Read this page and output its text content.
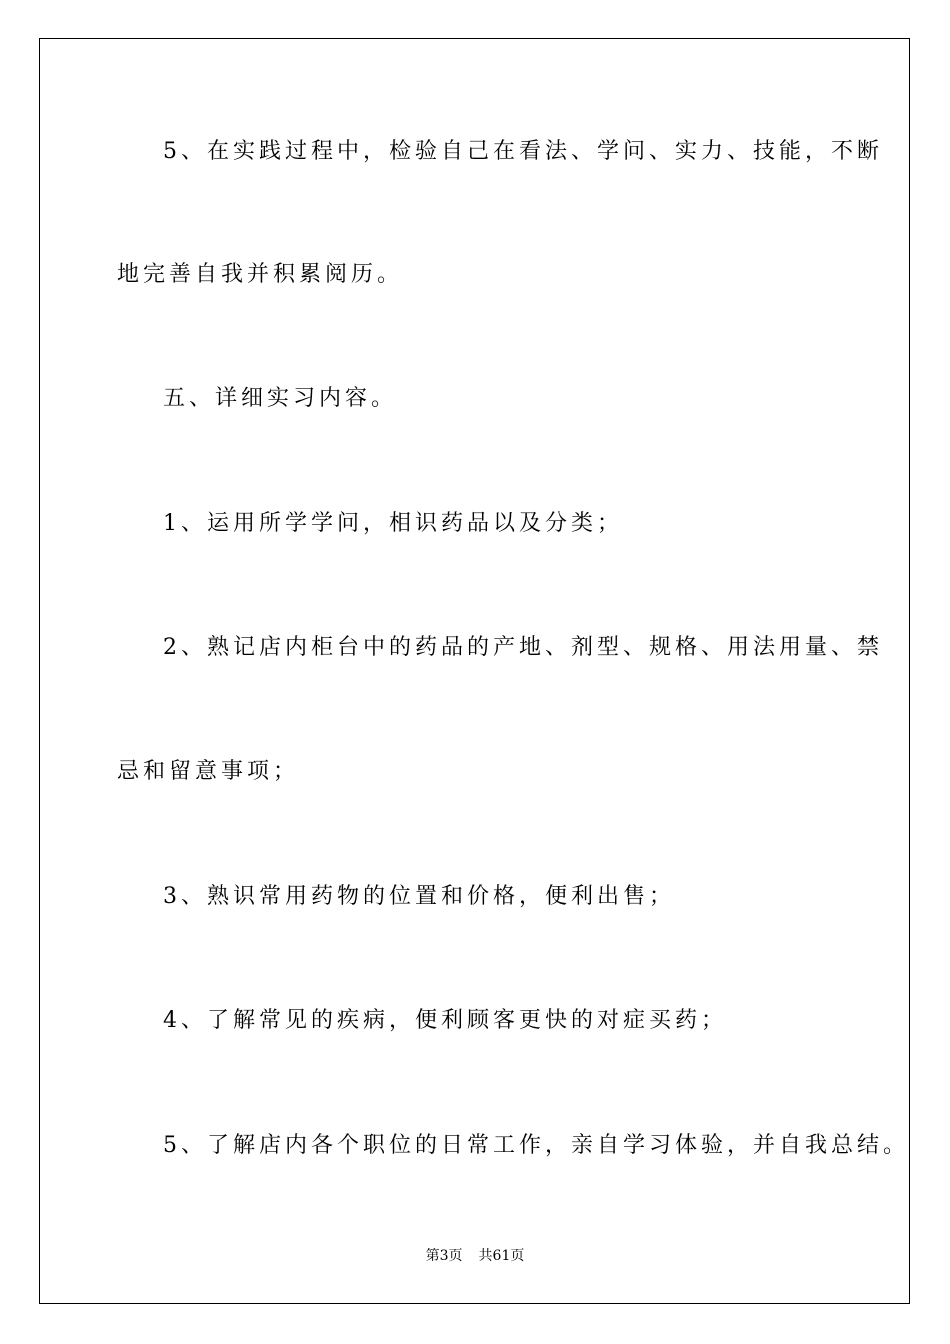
5、在实践过程中，检验自己在看法、学问、实力、技能，不断
地完善自我并积累阅历。
五、详细实习内容。
1、运用所学学问，相识药品以及分类；
2、熟记店内柜台中的药品的产地、剂型、规格、用法用量、禁
忌和留意事项；
3、熟识常用药物的位置和价格，便利出售；
4、了解常见的疾病，便利顾客更快的对症买药；
5、了解店内各个职位的日常工作，亲自学习体验，并自我总结。
第3页 共61页
